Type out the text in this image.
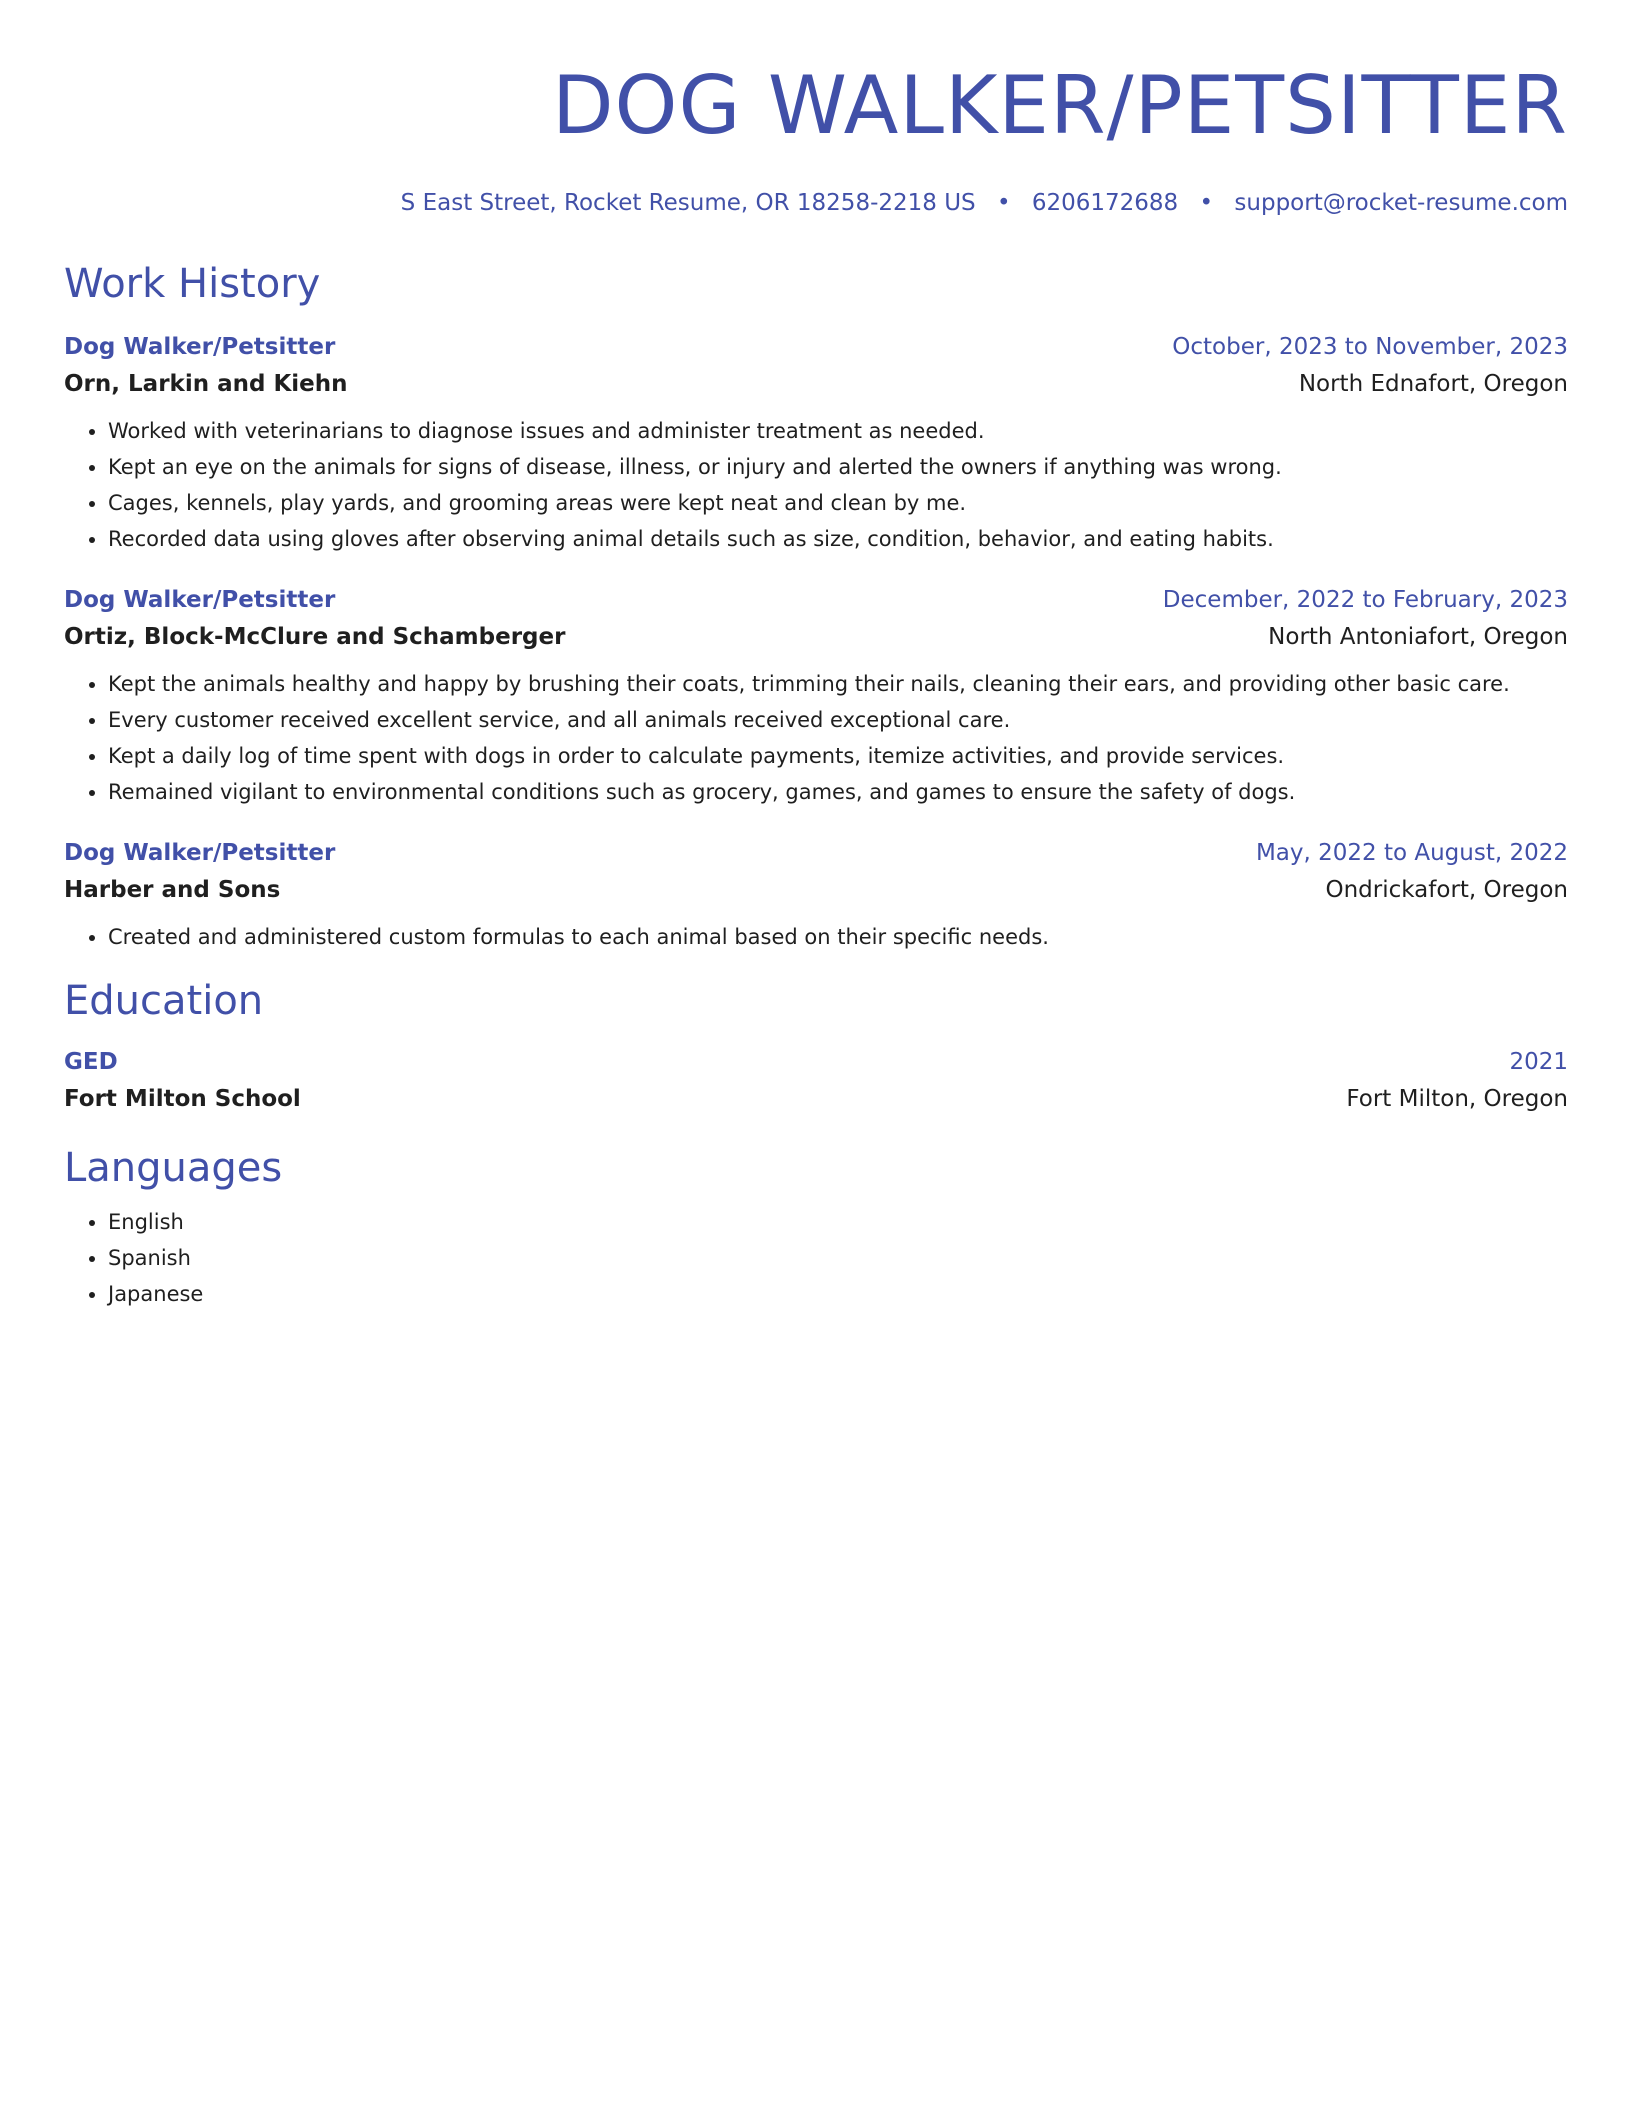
DOG WALKER/PETSITTER
S East Street, Rocket Resume, OR 18258-2218 US • 6206172688 • support@rocket-resume.com
Work History
Dog Walker/Petsitter	October, 2023 to November, 2023
Orn, Larkin and Kiehn	North Ednafort, Oregon
• Worked with veterinarians to diagnose issues and administer treatment as needed.
• Kept an eye on the animals for signs of disease, illness, or injury and alerted the owners if anything was wrong.
• Cages, kennels, play yards, and grooming areas were kept neat and clean by me.
• Recorded data using gloves after observing animal details such as size, condition, behavior, and eating habits.
Dog Walker/Petsitter	December, 2022 to February, 2023
Ortiz, Block-McClure and Schamberger	North Antoniafort, Oregon
• Kept the animals healthy and happy by brushing their coats, trimming their nails, cleaning their ears, and providing other basic care.
• Every customer received excellent service, and all animals received exceptional care.
• Kept a daily log of time spent with dogs in order to calculate payments, itemize activities, and provide services.
• Remained vigilant to environmental conditions such as grocery, games, and games to ensure the safety of dogs.
Dog Walker/Petsitter	May, 2022 to August, 2022
Harber and Sons	Ondrickafort, Oregon
• Created and administered custom formulas to each animal based on their specific needs.
Education
GED	2021
Fort Milton School	Fort Milton, Oregon
Languages
• English
• Spanish
• Japanese
